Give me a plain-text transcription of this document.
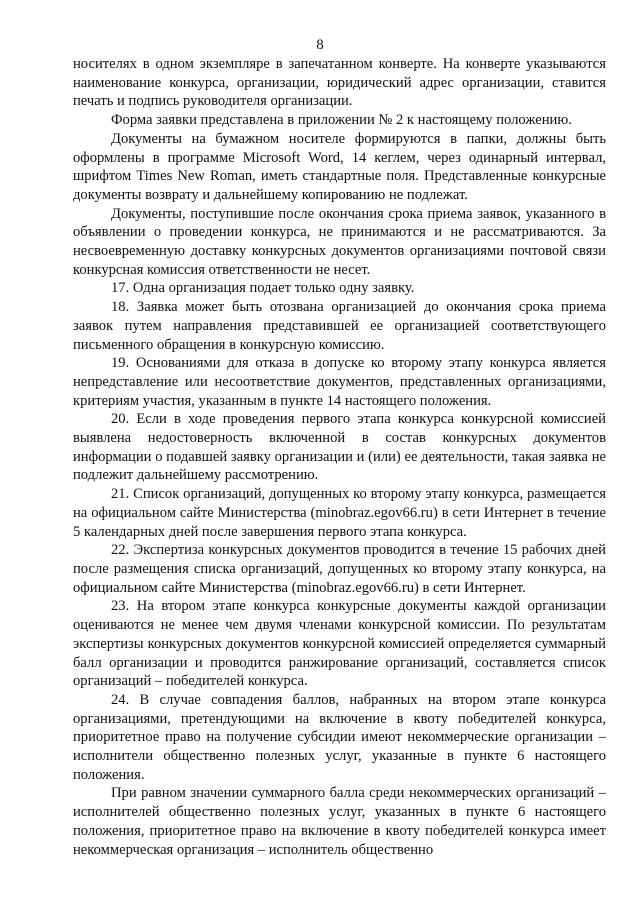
8

носителях в одном экземпляре в запечатанном конверте. На конверте указываются наименование конкурса, организации, юридический адрес организации, ставится печать и подпись руководителя организации.

Форма заявки представлена в приложении № 2 к настоящему положению.

Документы на бумажном носителе формируются в папки, должны быть оформлены в программе Microsoft Word, 14 кеглем, через одинарный интервал, шрифтом Times New Roman, иметь стандартные поля. Представленные конкурсные документы возврату и дальнейшему копированию не подлежат.

Документы, поступившие после окончания срока приема заявок, указанного в объявлении о проведении конкурса, не принимаются и не рассматриваются. За несвоевременную доставку конкурсных документов организациями почтовой связи конкурсная комиссия ответственности не несет.

17. Одна организация подает только одну заявку.

18. Заявка может быть отозвана организацией до окончания срока приема заявок путем направления представившей ее организацией соответствующего письменного обращения в конкурсную комиссию.

19. Основаниями для отказа в допуске ко второму этапу конкурса является непредставление или несоответствие документов, представленных организациями, критериям участия, указанным в пункте 14 настоящего положения.

20. Если в ходе проведения первого этапа конкурса конкурсной комиссией выявлена недостоверность включенной в состав конкурсных документов информации о подавшей заявку организации и (или) ее деятельности, такая заявка не подлежит дальнейшему рассмотрению.

21. Список организаций, допущенных ко второму этапу конкурса, размещается на официальном сайте Министерства (minobraz.egov66.ru) в сети Интернет в течение 5 календарных дней после завершения первого этапа конкурса.

22. Экспертиза конкурсных документов проводится в течение 15 рабочих дней после размещения списка организаций, допущенных ко второму этапу конкурса, на официальном сайте Министерства (minobraz.egov66.ru) в сети Интернет.

23. На втором этапе конкурса конкурсные документы каждой организации оцениваются не менее чем двумя членами конкурсной комиссии. По результатам экспертизы конкурсных документов конкурсной комиссией определяется суммарный балл организации и проводится ранжирование организаций, составляется список организаций – победителей конкурса.

24. В случае совпадения баллов, набранных на втором этапе конкурса организациями, претендующими на включение в квоту победителей конкурса, приоритетное право на получение субсидии имеют некоммерческие организации – исполнители общественно полезных услуг, указанные в пункте 6 настоящего положения.

При равном значении суммарного балла среди некоммерческих организаций – исполнителей общественно полезных услуг, указанных в пункте 6 настоящего положения, приоритетное право на включение в квоту победителей конкурса имеет некоммерческая организация – исполнитель общественно
